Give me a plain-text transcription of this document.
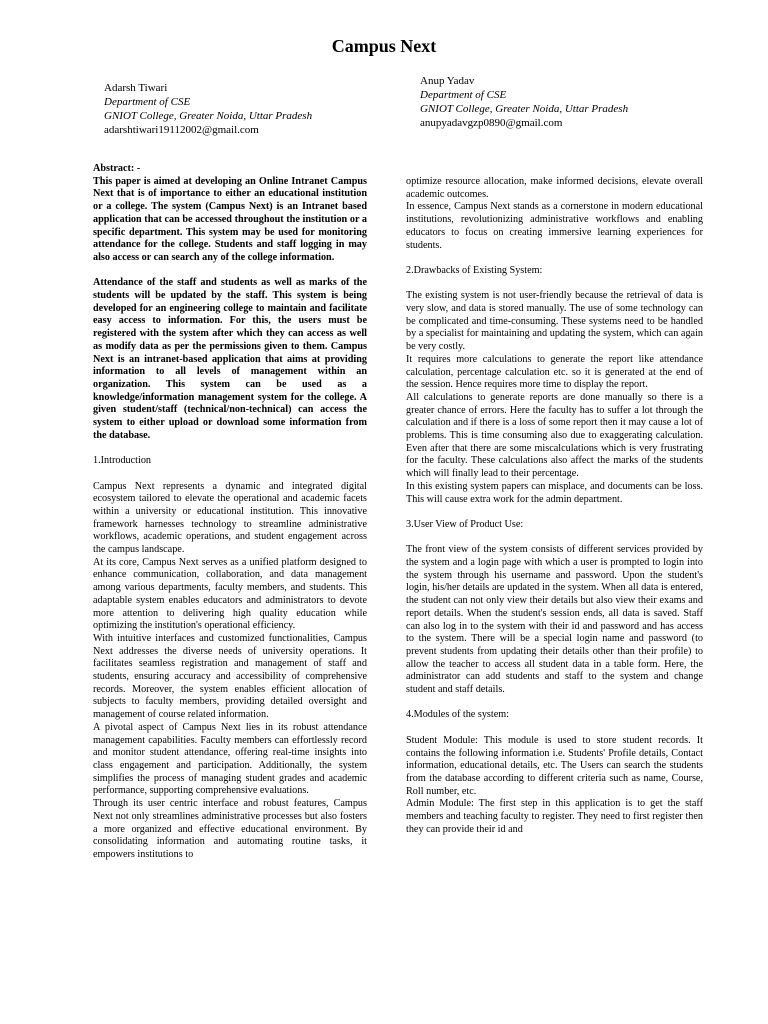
Campus Next
Adarsh Tiwari
Department of CSE
GNIOT College, Greater Noida, Uttar Pradesh
adarshtiwari19112002@gmail.com
Anup Yadav
Department of CSE
GNIOT College, Greater Noida, Uttar Pradesh
anupyadavgzp0890@gmail.com

Abstract: -

This paper is aimed at developing an Online Intranet Campus Next that is of importance to either an educational institution or a college. The system (Campus Next) is an Intranet based application that can be accessed throughout the institution or a specific department. This system may be used for monitoring attendance for the college. Students and staff logging in may also access or can search any of the college information.

Attendance of the staff and students as well as marks of the students will be updated by the staff. This system is being developed for an engineering college to maintain and facilitate easy access to information. For this, the users must be registered with the system after which they can access as well as modify data as per the permissions given to them. Campus Next is an intranet-based application that aims at providing information to all levels of management within an organization. This system can be used as a knowledge/information management system for the college. A given student/staff (technical/non-technical) can access the system to either upload or download some information from the database.

1.Introduction

Campus Next represents a dynamic and integrated digital ecosystem tailored to elevate the operational and academic facets within a university or educational institution. This innovative framework harnesses technology to streamline administrative workflows, academic operations, and student engagement across the campus landscape.

At its core, Campus Next serves as a unified platform designed to enhance communication, collaboration, and data management among various departments, faculty members, and students. This adaptable system enables educators and administrators to devote more attention to delivering high quality education while optimizing the institution's operational efficiency.

With intuitive interfaces and customized functionalities, Campus Next addresses the diverse needs of university operations. It facilitates seamless registration and management of staff and students, ensuring accuracy and accessibility of comprehensive records. Moreover, the system enables efficient allocation of subjects to faculty members, providing detailed oversight and management of course related information.

A pivotal aspect of Campus Next lies in its robust attendance management capabilities. Faculty members can effortlessly record and monitor student attendance, offering real-time insights into class engagement and participation. Additionally, the system simplifies the process of managing student grades and academic performance, supporting comprehensive evaluations.

Through its user centric interface and robust features, Campus Next not only streamlines administrative processes but also fosters a more organized and effective educational environment. By consolidating information and automating routine tasks, it empowers institutions to

optimize resource allocation, make informed decisions, elevate overall academic outcomes.

In essence, Campus Next stands as a cornerstone in modern educational institutions, revolutionizing administrative workflows and enabling educators to focus on creating immersive learning experiences for students.

2.Drawbacks of Existing System:

The existing system is not user-friendly because the retrieval of data is very slow, and data is stored manually. The use of some technology can be complicated and time-consuming. These systems need to be handled by a specialist for maintaining and updating the system, which can again be very costly.

It requires more calculations to generate the report like attendance calculation, percentage calculation etc. so it is generated at the end of the session. Hence requires more time to display the report.

All calculations to generate reports are done manually so there is a greater chance of errors. Here the faculty has to suffer a lot through the calculation and if there is a loss of some report then it may cause a lot of problems. This is time consuming also due to exaggerating calculation. Even after that there are some miscalculations which is very frustrating for the faculty. These calculations also affect the marks of the students which will finally lead to their percentage.

In this existing system papers can misplace, and documents can be loss. This will cause extra work for the admin department.

3.User View of Product Use:

The front view of the system consists of different services provided by the system and a login page with which a user is prompted to login into the system through his username and password. Upon the student's login, his/her details are updated in the system. When all data is entered, the student can not only view their details but also view their exams and report details. When the student's session ends, all data is saved. Staff can also log in to the system with their id and password and has access to the system. There will be a special login name and password (to prevent students from updating their details other than their profile) to allow the teacher to access all student data in a table form. Here, the administrator can add students and staff to the system and change student and staff details.

4.Modules of the system:

Student Module: This module is used to store student records. It contains the following information i.e. Students' Profile details, Contact information, educational details, etc. The Users can search the students from the database according to different criteria such as name, Course, Roll number, etc.

Admin Module: The first step in this application is to get the staff members and teaching faculty to register. They need to first register then they can provide their id and
